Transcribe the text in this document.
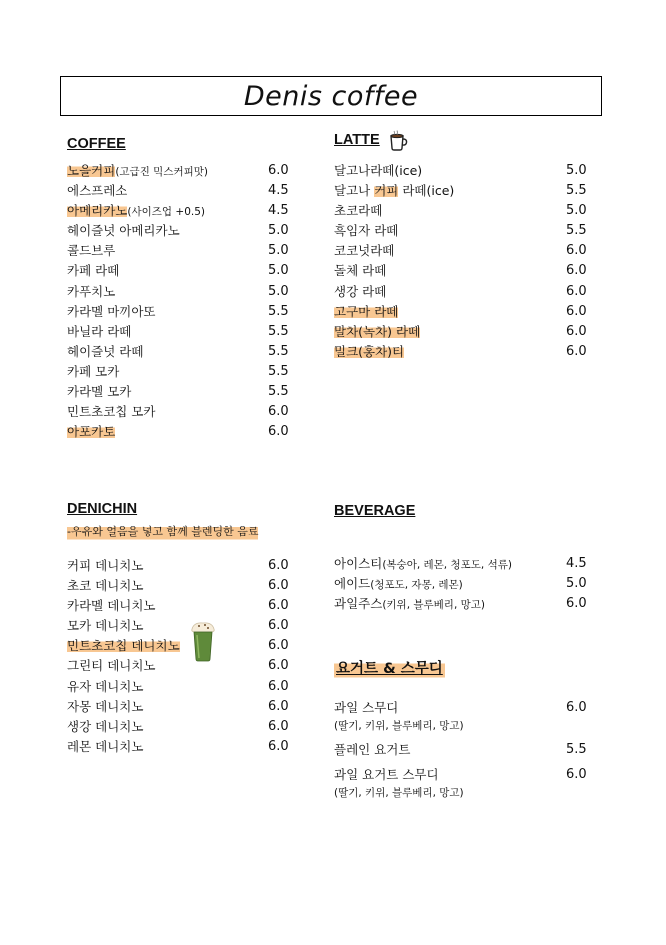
Denis coffee
COFFEE
노을커피(고급진 믹스커피맛)	6.0
에스프레소	4.5
아메리카노(사이즈업 +0.5)	4.5
헤이즐넛 아메리카노	5.0
콜드브루	5.0
카페 라떼	5.0
카푸치노	5.0
카라멜 마끼아또	5.5
바닐라 라떼	5.5
헤이즐넛 라떼	5.5
카페 모카	5.5
카라멜 모카	5.5
민트초코칩 모카	6.0
아포카토	6.0
LATTE
달고나라떼(ice)	5.0
달고나 커피 라떼(ice)	5.5
초코라떼	5.0
흑임자 라떼	5.5
코코넛라떼	6.0
돌체 라떼	6.0
생강 라떼	6.0
고구마 라떼	6.0
말차(녹차) 라떼	6.0
밀크(홍차)티	6.0
DENICHIN
-우유와 얼음을 넣고 함께 블렌딩한 음료
커피 데니치노	6.0
초코 데니치노	6.0
카라멜 데니치노	6.0
모카 데니치노	6.0
민트초코칩 데니치노	6.0
그린티 데니치노	6.0
유자 데니치노	6.0
자몽 데니치노	6.0
생강 데니치노	6.0
레몬 데니치노	6.0
BEVERAGE
아이스티(복숭아, 레몬, 청포도, 석류)	4.5
에이드(청포도, 자몽, 레몬)	5.0
과일주스(키위, 블루베리, 망고)	6.0
요거트 & 스무디
과일 스무디	6.0
(딸기, 키위, 블루베리, 망고)
플레인 요거트	5.5
과일 요거트 스무디	6.0
(딸기, 키위, 블루베리, 망고)
